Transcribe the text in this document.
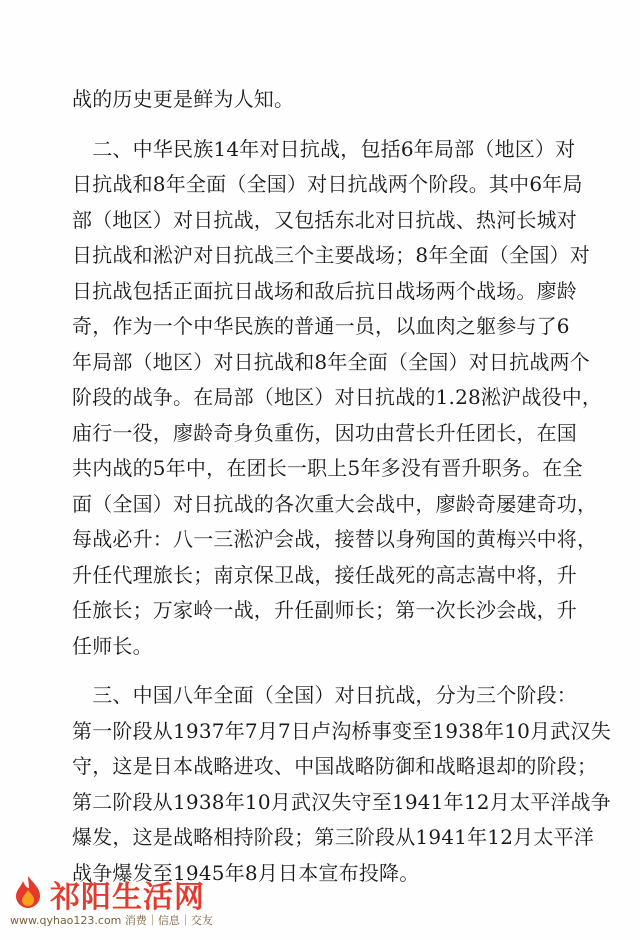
战的历史更是鲜为人知。

　二、中华民族14年对日抗战，包括6年局部（地区）对
日抗战和8年全面（全国）对日抗战两个阶段。其中6年局
部（地区）对日抗战，又包括东北对日抗战、热河长城对
日抗战和淞沪对日抗战三个主要战场；8年全面（全国）对
日抗战包括正面抗日战场和敌后抗日战场两个战场。廖龄
奇，作为一个中华民族的普通一员，以血肉之躯参与了6
年局部（地区）对日抗战和8年全面（全国）对日抗战两个
阶段的战争。在局部（地区）对日抗战的1.28淞沪战役中，
庙行一役，廖龄奇身负重伤，因功由营长升任团长，在国
共内战的5年中，在团长一职上5年多没有晋升职务。在全
面（全国）对日抗战的各次重大会战中，廖龄奇屡建奇功，
每战必升：八一三淞沪会战，接替以身殉国的黄梅兴中将，
升任代理旅长；南京保卫战，接任战死的高志嵩中将，升
任旅长；万家岭一战，升任副师长；第一次长沙会战，升
任师长。

　三、中国八年全面（全国）对日抗战，分为三个阶段：
第一阶段从1937年7月7日卢沟桥事变至1938年10月武汉失
守，这是日本战略进攻、中国战略防御和战略退却的阶段；
第二阶段从1938年10月武汉失守至1941年12月太平洋战争
爆发，这是战略相持阶段；第三阶段从1941年12月太平洋
战争爆发至1945年8月日本宣布投降。

祁阳生活网
www.qyhao123.com 消费｜信息｜交友
